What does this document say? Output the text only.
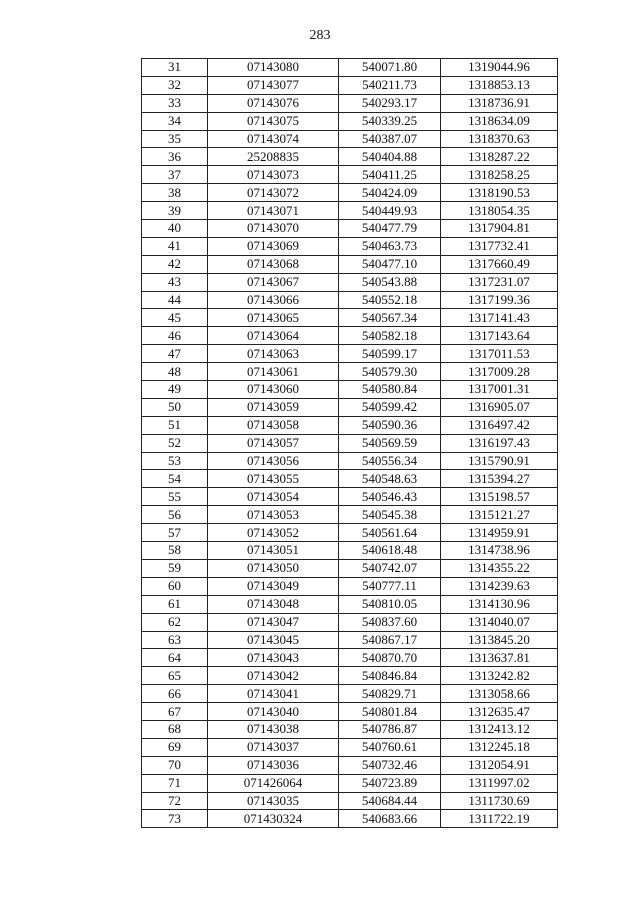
283
31	07143080	540071.80	1319044.96
32	07143077	540211.73	1318853.13
33	07143076	540293.17	1318736.91
34	07143075	540339.25	1318634.09
35	07143074	540387.07	1318370.63
36	25208835	540404.88	1318287.22
37	07143073	540411.25	1318258.25
38	07143072	540424.09	1318190.53
39	07143071	540449.93	1318054.35
40	07143070	540477.79	1317904.81
41	07143069	540463.73	1317732.41
42	07143068	540477.10	1317660.49
43	07143067	540543.88	1317231.07
44	07143066	540552.18	1317199.36
45	07143065	540567.34	1317141.43
46	07143064	540582.18	1317143.64
47	07143063	540599.17	1317011.53
48	07143061	540579.30	1317009.28
49	07143060	540580.84	1317001.31
50	07143059	540599.42	1316905.07
51	07143058	540590.36	1316497.42
52	07143057	540569.59	1316197.43
53	07143056	540556.34	1315790.91
54	07143055	540548.63	1315394.27
55	07143054	540546.43	1315198.57
56	07143053	540545.38	1315121.27
57	07143052	540561.64	1314959.91
58	07143051	540618.48	1314738.96
59	07143050	540742.07	1314355.22
60	07143049	540777.11	1314239.63
61	07143048	540810.05	1314130.96
62	07143047	540837.60	1314040.07
63	07143045	540867.17	1313845.20
64	07143043	540870.70	1313637.81
65	07143042	540846.84	1313242.82
66	07143041	540829.71	1313058.66
67	07143040	540801.84	1312635.47
68	07143038	540786.87	1312413.12
69	07143037	540760.61	1312245.18
70	07143036	540732.46	1312054.91
71	071426064	540723.89	1311997.02
72	07143035	540684.44	1311730.69
73	071430324	540683.66	1311722.19
